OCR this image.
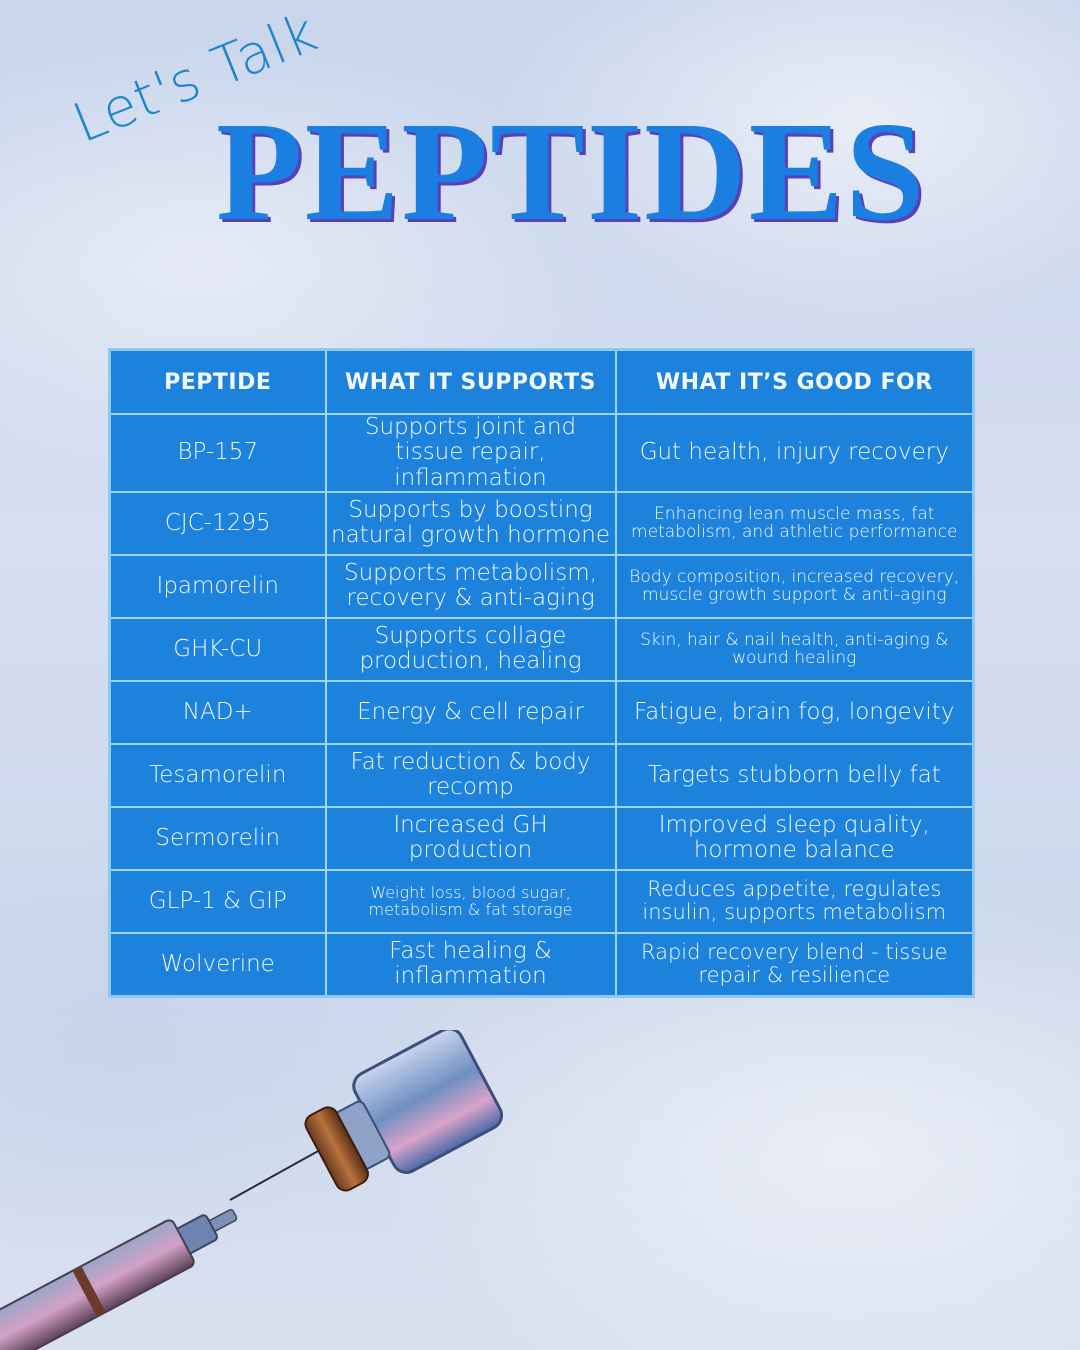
Let's Talk
PEPTIDES
PEPTIDE	WHAT IT SUPPORTS	WHAT IT’S GOOD FOR
BP-157	Supports joint and tissue repair, inflammation	Gut health, injury recovery
CJC-1295	Supports by boosting natural growth hormone	Enhancing lean muscle mass, fat metabolism, and athletic performance
Ipamorelin	Supports metabolism, recovery & anti-aging	Body composition, increased recovery, muscle growth support & anti-aging
GHK-CU	Supports collage production, healing	Skin, hair & nail health, anti-aging & wound healing
NAD+	Energy & cell repair	Fatigue, brain fog, longevity
Tesamorelin	Fat reduction & body recomp	Targets stubborn belly fat
Sermorelin	Increased GH production	Improved sleep quality, hormone balance
GLP-1 & GIP	Weight loss, blood sugar, metabolism & fat storage	Reduces appetite, regulates insulin, supports metabolism
Wolverine	Fast healing & inflammation	Rapid recovery blend - tissue repair & resilience
